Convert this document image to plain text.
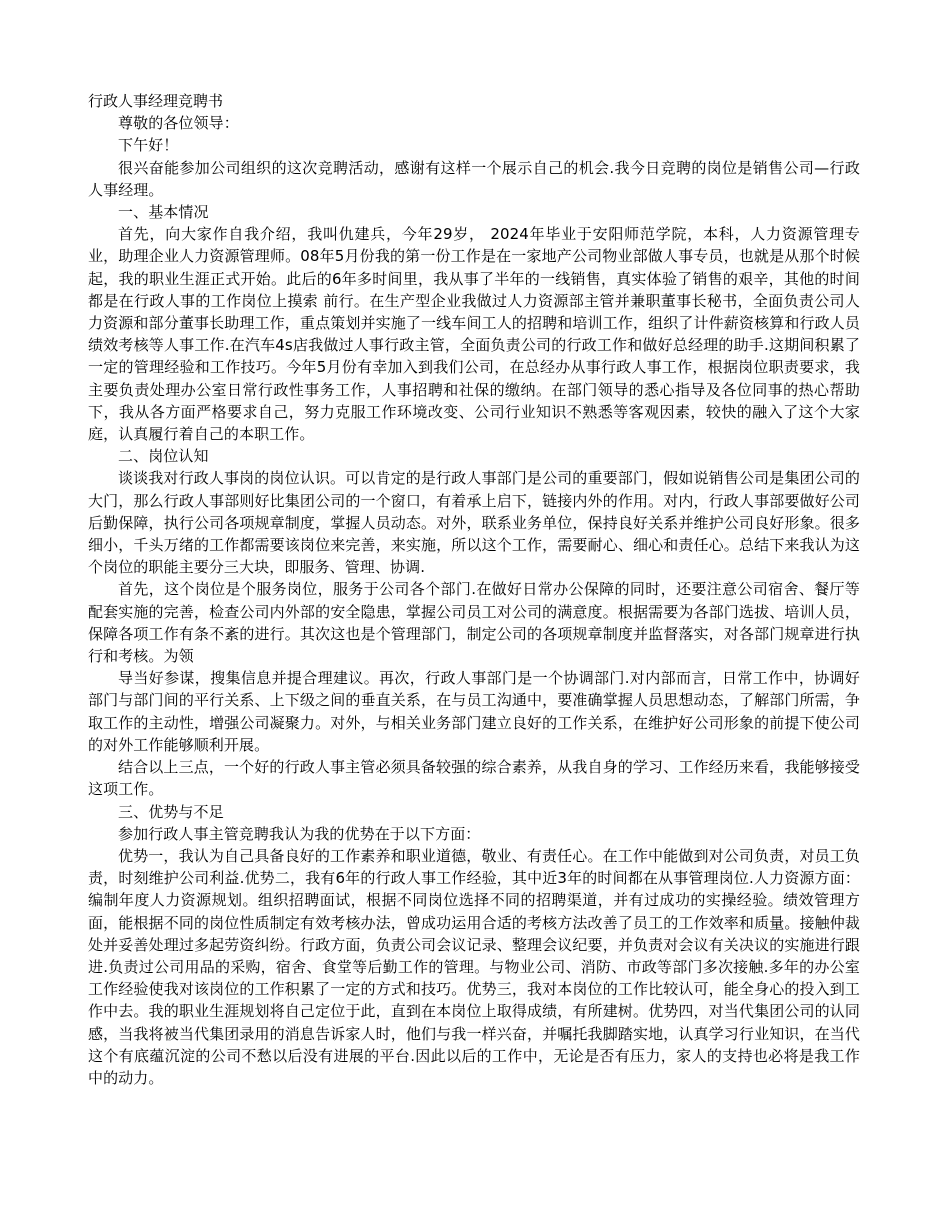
行政人事经理竞聘书

尊敬的各位领导：

下午好！

很兴奋能参加公司组织的这次竞聘活动，感谢有这样一个展示自己的机会.我今日竞聘的岗位是销售公司—行政人事经理。

一、基本情况

首先，向大家作自我介绍，我叫仇建兵，今年29岁， 2024年毕业于安阳师范学院，本科，人力资源管理专业，助理企业人力资源管理师。08年5月份我的第一份工作是在一家地产公司物业部做人事专员，也就是从那个时候起，我的职业生涯正式开始。此后的6年多时间里，我从事了半年的一线销售，真实体验了销售的艰辛，其他的时间都是在行政人事的工作岗位上摸索 前行。在生产型企业我做过人力资源部主管并兼职董事长秘书，全面负责公司人力资源和部分董事长助理工作，重点策划并实施了一线车间工人的招聘和培训工作，组织了计件薪资核算和行政人员绩效考核等人事工作.在汽车4s店我做过人事行政主管，全面负责公司的行政工作和做好总经理的助手.这期间积累了一定的管理经验和工作技巧。今年5月份有幸加入到我们公司，在总经办从事行政人事工作，根据岗位职责要求，我主要负责处理办公室日常行政性事务工作，人事招聘和社保的缴纳。在部门领导的悉心指导及各位同事的热心帮助下，我从各方面严格要求自己，努力克服工作环境改变、公司行业知识不熟悉等客观因素，较快的融入了这个大家庭，认真履行着自己的本职工作。

二、岗位认知

谈谈我对行政人事岗的岗位认识。可以肯定的是行政人事部门是公司的重要部门，假如说销售公司是集团公司的大门，那么行政人事部则好比集团公司的一个窗口，有着承上启下，链接内外的作用。对内，行政人事部要做好公司后勤保障，执行公司各项规章制度，掌握人员动态。对外，联系业务单位，保持良好关系并维护公司良好形象。很多细小，千头万绪的工作都需要该岗位来完善，来实施，所以这个工作，需要耐心、细心和责任心。总结下来我认为这个岗位的职能主要分三大块，即服务、管理、协调.

首先，这个岗位是个服务岗位，服务于公司各个部门.在做好日常办公保障的同时，还要注意公司宿舍、餐厅等配套实施的完善，检查公司内外部的安全隐患，掌握公司员工对公司的满意度。根据需要为各部门选拔、培训人员，保障各项工作有条不紊的进行。其次这也是个管理部门，制定公司的各项规章制度并监督落实，对各部门规章进行执行和考核。为领

导当好参谋，搜集信息并提合理建议。再次，行政人事部门是一个协调部门.对内部而言，日常工作中，协调好部门与部门间的平行关系、上下级之间的垂直关系，在与员工沟通中，要准确掌握人员思想动态，了解部门所需，争取工作的主动性，增强公司凝聚力。对外，与相关业务部门建立良好的工作关系，在维护好公司形象的前提下使公司的对外工作能够顺利开展。

结合以上三点，一个好的行政人事主管必须具备较强的综合素养，从我自身的学习、工作经历来看，我能够接受这项工作。

三、优势与不足

参加行政人事主管竞聘我认为我的优势在于以下方面：

优势一，我认为自己具备良好的工作素养和职业道德，敬业、有责任心。在工作中能做到对公司负责，对员工负责，时刻维护公司利益.优势二，我有6年的行政人事工作经验，其中近3年的时间都在从事管理岗位.人力资源方面：编制年度人力资源规划。组织招聘面试，根据不同岗位选择不同的招聘渠道，并有过成功的实操经验。绩效管理方面，能根据不同的岗位性质制定有效考核办法，曾成功运用合适的考核方法改善了员工的工作效率和质量。接触仲裁处并妥善处理过多起劳资纠纷。行政方面，负责公司会议记录、整理会议纪要，并负责对会议有关决议的实施进行跟进.负责过公司用品的采购，宿舍、食堂等后勤工作的管理。与物业公司、消防、市政等部门多次接触.多年的办公室工作经验使我对该岗位的工作积累了一定的方式和技巧。优势三，我对本岗位的工作比较认可，能全身心的投入到工作中去。我的职业生涯规划将自己定位于此，直到在本岗位上取得成绩，有所建树。优势四，对当代集团公司的认同感，当我将被当代集团录用的消息告诉家人时，他们与我一样兴奋，并嘱托我脚踏实地，认真学习行业知识，在当代这个有底蕴沉淀的公司不愁以后没有进展的平台.因此以后的工作中，无论是否有压力，家人的支持也必将是我工作中的动力。
